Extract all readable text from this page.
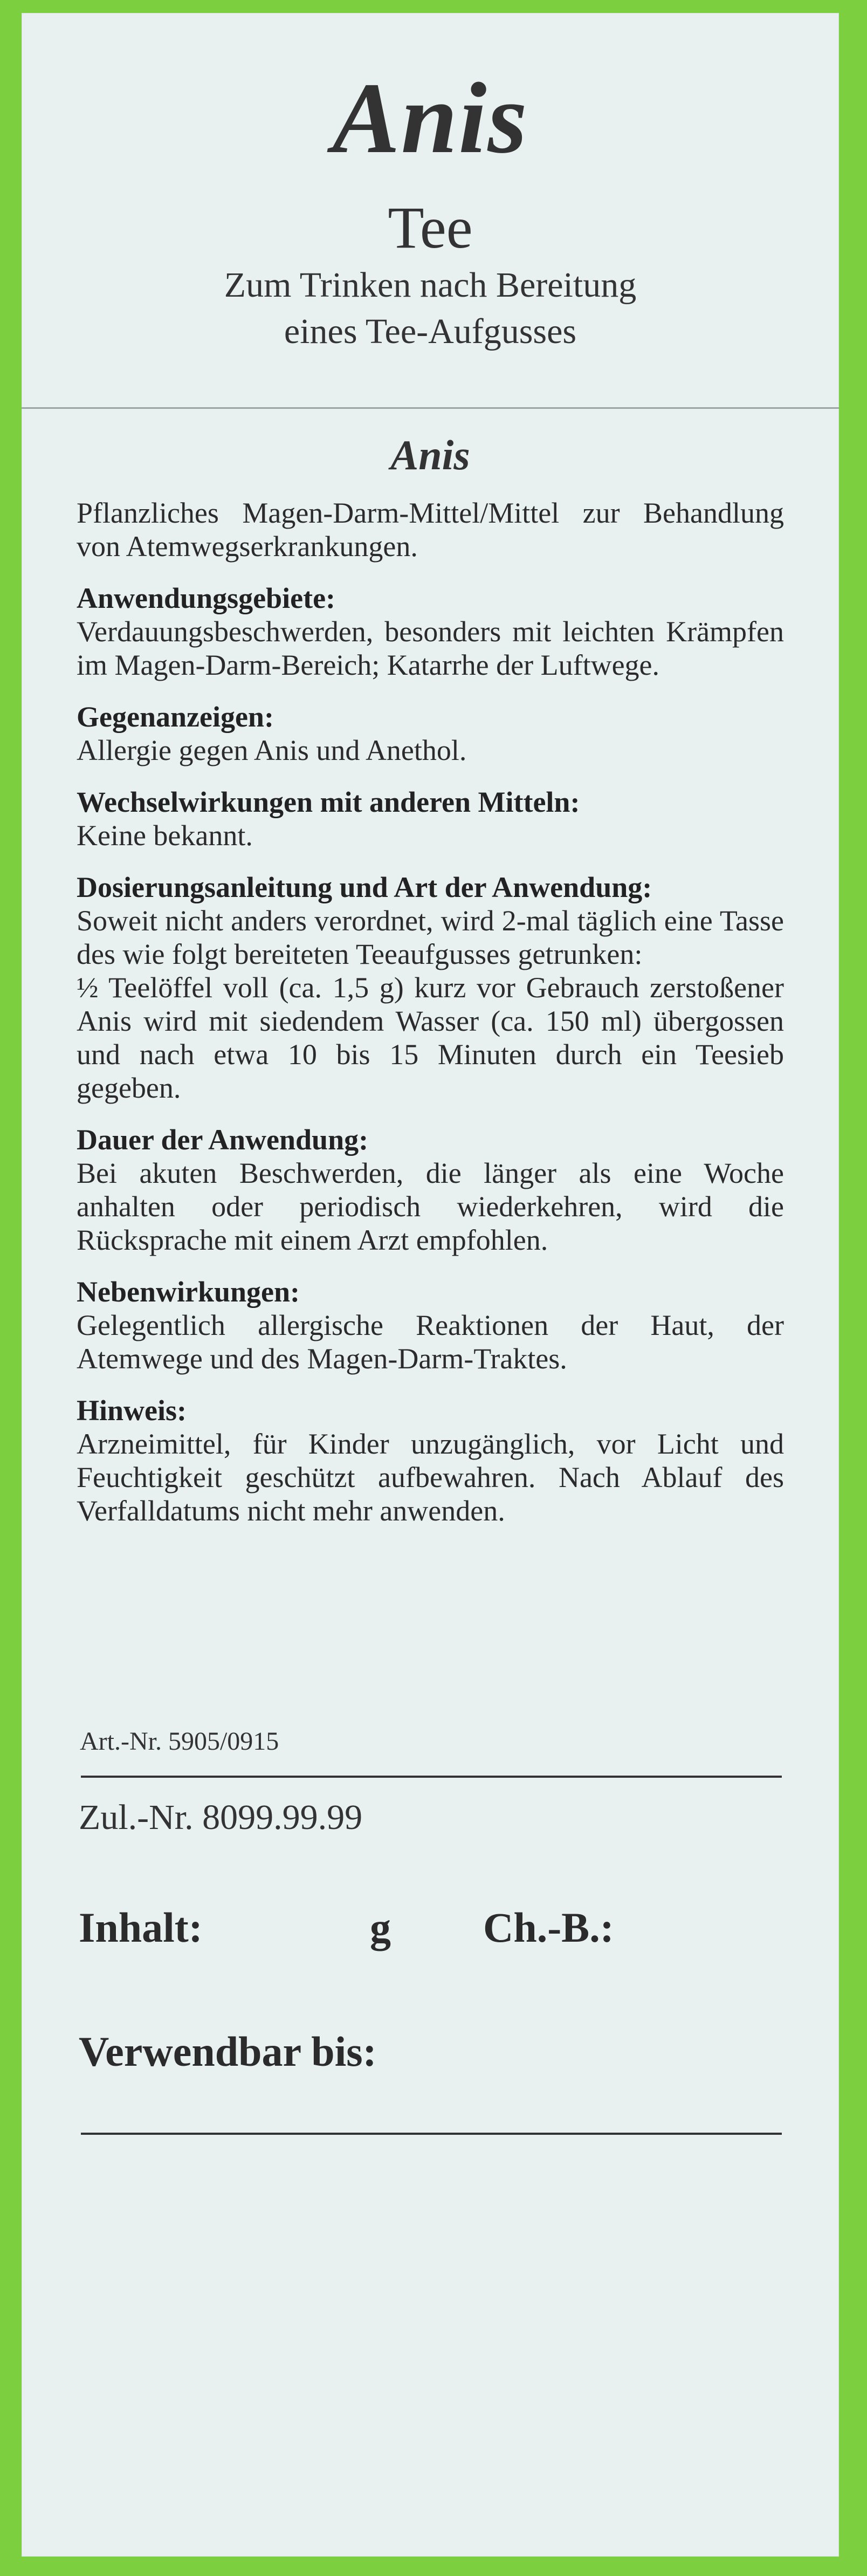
Anis
Tee
Zum Trinken nach Bereitung
eines Tee-Aufgusses
Anis

Pflanzliches Magen-Darm-Mittel/Mittel zur Behandlung von Atemwegserkrankungen.

Anwendungsgebiete:
Verdauungsbeschwerden, besonders mit leichten Krämpfen im Magen-Darm-Bereich; Katarrhe der Luftwege.

Gegenanzeigen:
Allergie gegen Anis und Anethol.

Wechselwirkungen mit anderen Mitteln:
Keine bekannt.

Dosierungsanleitung und Art der Anwendung:
Soweit nicht anders verordnet, wird 2-mal täglich eine Tasse des wie folgt bereiteten Teeaufgusses getrunken:
½ Teelöffel voll (ca. 1,5 g) kurz vor Gebrauch zerstoßener Anis wird mit siedendem Wasser (ca. 150 ml) übergossen und nach etwa 10 bis 15 Minuten durch ein Teesieb gegeben.

Dauer der Anwendung:
Bei akuten Beschwerden, die länger als eine Woche anhalten oder periodisch wiederkehren, wird die Rücksprache mit einem Arzt empfohlen.

Nebenwirkungen:
Gelegentlich allergische Reaktionen der Haut, der Atemwege und des Magen-Darm-Traktes.

Hinweis:
Arzneimittel, für Kinder unzugänglich, vor Licht und Feuchtigkeit geschützt aufbewahren. Nach Ablauf des Verfalldatums nicht mehr anwenden.

Art.-Nr. 5905/0915
Zul.-Nr. 8099.99.99
Inhalt:	g Ch.-B.:
Verwendbar bis:
